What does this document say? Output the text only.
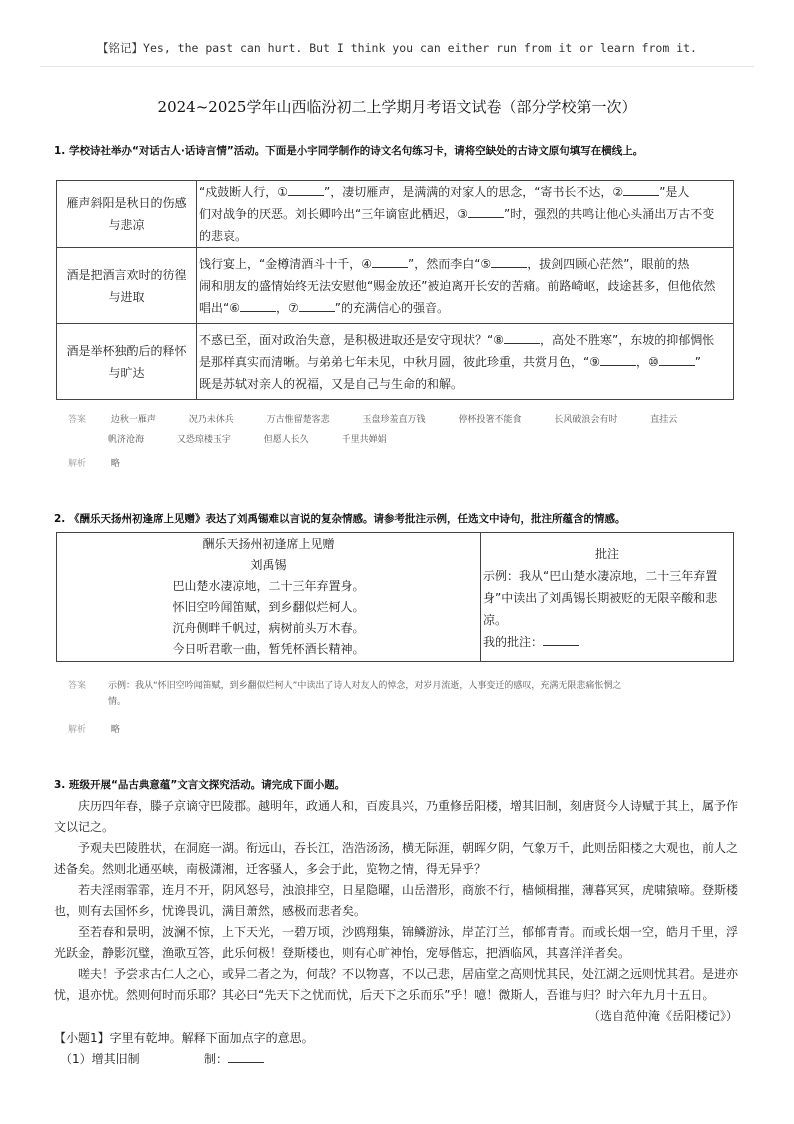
【铭记】Yes, the past can hurt. But I think you can either run from it or learn from it.
2024~2025学年山西临汾初二上学期月考语文试卷（部分学校第一次）
1. 学校诗社举办“对话古人·话诗言情”活动。下面是小宇同学制作的诗文名句练习卡，请将空缺处的古诗文原句填写在横线上。
雁声斜阳是秋日的伤感与悲凉	“戍鼓断人行，① ”，凄切雁声，是满满的对家人的思念，“寄书长不达，② ”是人
们对战争的厌恶。刘长卿吟出“三年谪宦此栖迟，③ ”时，强烈的共鸣让他心头涌出万古不变
的悲哀。

酒是把酒言欢时的彷徨与进取	饯行宴上，“金樽清酒斗十千，④ ”，然而李白“⑤ ，拔剑四顾心茫然”，眼前的热
闹和朋友的盛情始终无法安慰他“赐金放还”被迫离开长安的苦痛。前路崎岖，歧途甚多，但他依然
唱出“⑥ ，⑦ ”的充满信心的强音。

酒是举杯独酌后的释怀与旷达	不惑已至，面对政治失意，是积极进取还是安守现状？“⑧ ，高处不胜寒”，东坡的抑郁惆怅
是那样真实而清晰。与弟弟七年未见，中秋月圆，彼此珍重，共赏月色，“⑨ ，⑩ ”
既是苏轼对亲人的祝福，又是自己与生命的和解。
答案	边秋一雁声	况乃未休兵	万古惟留楚客悲	玉盘珍羞直万钱	停杯投箸不能食	长风破浪会有时	直挂云
帆济沧海	又恐琼楼玉宇	但愿人长久	千里共婵娟
解析	略
2. 《酬乐天扬州初逢席上见赠》表达了刘禹锡难以言说的复杂情感。请参考批注示例，任选文中诗句，批注所蕴含的情感。
酬乐天扬州初逢席上见赠
刘禹锡
巴山楚水凄凉地，二十三年弃置身。
怀旧空吟闻笛赋，到乡翻似烂柯人。
沉舟侧畔千帆过，病树前头万木春。
今日听君歌一曲，暂凭杯酒长精神。

批注
示例：我从“巴山楚水凄凉地，二十三年弃置
身”中读出了刘禹锡长期被贬的无限辛酸和悲
凉。
我的批注：
答案	示例：我从“怀旧空吟闻笛赋，到乡翻似烂柯人”中读出了诗人对友人的悼念，对岁月流逝，人事变迁的感叹，充满无限悲痛怅惘之
情。
解析	略
3. 班级开展“品古典意蕴”文言文探究活动。请完成下面小题。

庆历四年春，滕子京谪守巴陵郡。越明年，政通人和，百废具兴，乃重修岳阳楼，增其旧制，刻唐贤今人诗赋于其上，属予作文以记之。

予观夫巴陵胜状，在洞庭一湖。衔远山，吞长江，浩浩汤汤，横无际涯，朝晖夕阴，气象万千，此则岳阳楼之大观也，前人之述备矣。然则北通巫峡，南极潇湘，迁客骚人，多会于此，览物之情，得无异乎？

若夫淫雨霏霏，连月不开，阴风怒号，浊浪排空，日星隐曜，山岳潜形，商旅不行，樯倾楫摧，薄暮冥冥，虎啸猿啼。登斯楼也，则有去国怀乡，忧谗畏讥，满目萧然，感极而悲者矣。

至若春和景明，波澜不惊，上下天光，一碧万顷，沙鸥翔集，锦鳞游泳，岸芷汀兰，郁郁青青。而或长烟一空，皓月千里，浮光跃金，静影沉璧，渔歌互答，此乐何极！登斯楼也，则有心旷神怡，宠辱偕忘，把酒临风，其喜洋洋者矣。

嗟夫！予尝求古仁人之心，或异二者之为，何哉？不以物喜，不以己悲，居庙堂之高则忧其民，处江湖之远则忧其君。是进亦忧，退亦忧。然则何时而乐耶？其必曰“先天下之忧而忧，后天下之乐而乐”乎！噫！微斯人，吾谁与归？时六年九月十五日。

（选自范仲淹《岳阳楼记》）
【小题1】字里有乾坤。解释下面加点字的意思。
（1）增其旧制	制：
